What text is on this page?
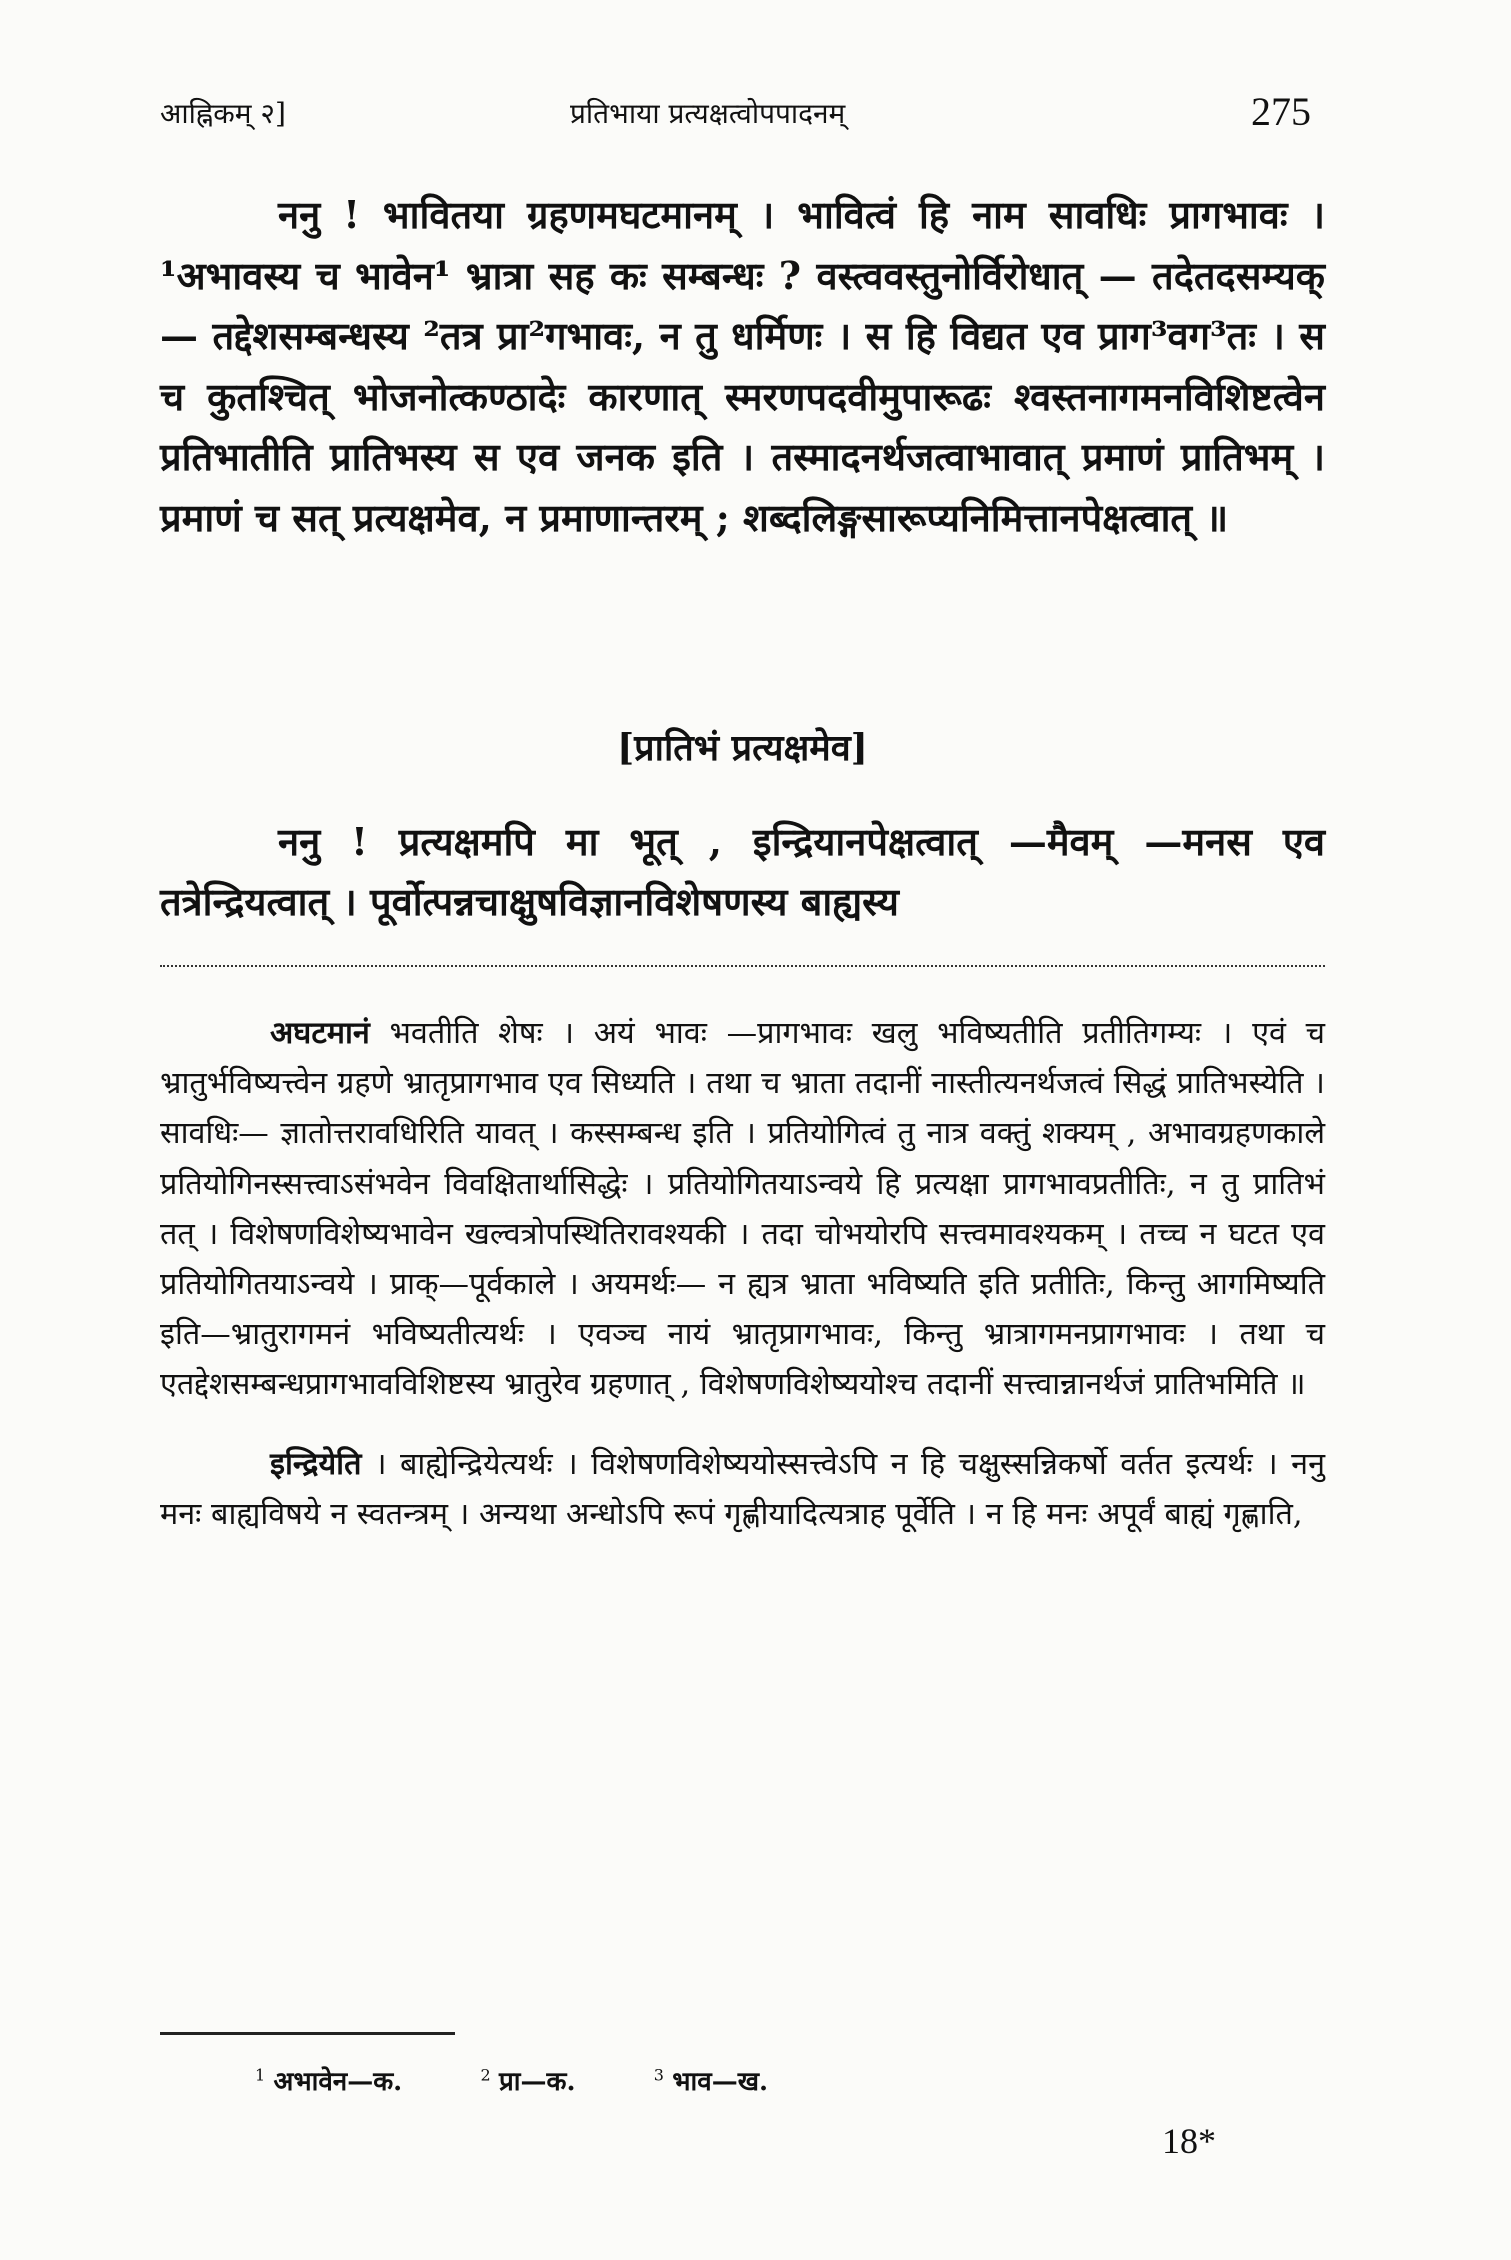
आह्निकम् २]	प्रतिभाया प्रत्यक्षत्वोपपादनम्	275

ननु ! भावितया ग्रहणमघटमानम् । भावित्वं हि नाम सावधिः प्रागभावः । ¹अभावस्य च भावेन¹ भ्रात्रा सह कः सम्बन्धः ? वस्त्ववस्तुनोर्विरोधात् — तदेतदसम्यक् — तद्देशसम्बन्धस्य ²तत्र प्रा²गभावः, न तु धर्मिणः । स हि विद्यत एव प्राग³वग³तः । स च कुतश्चित् भोजनोत्कण्ठादेः कारणात् स्मरणपदवीमुपारूढः श्वस्तनागमनविशिष्टत्वेन प्रतिभातीति प्रातिभस्य स एव जनक इति । तस्मादनर्थजत्वाभावात् प्रमाणं प्रातिभम् । प्रमाणं च सत् प्रत्यक्षमेव, न प्रमाणान्तरम् ; शब्दलिङ्गसारूप्यनिमित्तानपेक्षत्वात् ॥

[प्रातिभं प्रत्यक्षमेव]

ननु ! प्रत्यक्षमपि मा भूत् , इन्द्रियानपेक्षत्वात् —मैवम् —मनस एव तत्रेन्द्रियत्वात् । पूर्वोत्पन्नचाक्षुषविज्ञानविशेषणस्य बाह्यस्य

अघटमानं भवतीति शेषः । अयं भावः —प्रागभावः खलु भविष्यतीति प्रतीतिगम्यः । एवं च भ्रातुर्भविष्यत्त्वेन ग्रहणे भ्रातृप्रागभाव एव सिध्यति । तथा च भ्राता तदानीं नास्तीत्यनर्थजत्वं सिद्धं प्रातिभस्येति । सावधिः— ज्ञातोत्तरावधिरिति यावत् । कस्सम्बन्ध इति । प्रतियोगित्वं तु नात्र वक्तुं शक्यम् , अभावग्रहणकाले प्रतियोगिनस्सत्त्वाऽसंभवेन विवक्षितार्थासिद्धेः । प्रतियोगितयाऽन्वये हि प्रत्यक्षा प्रागभावप्रतीतिः, न तु प्रातिभं तत् । विशेषणविशेष्यभावेन खल्वत्रोपस्थितिरावश्यकी । तदा चोभयोरपि सत्त्वमावश्यकम् । तच्च न घटत एव प्रतियोगितयाऽन्वये । प्राक्—पूर्वकाले । अयमर्थः— न ह्यत्र भ्राता भविष्यति इति प्रतीतिः, किन्तु आगमिष्यति इति—भ्रातुरागमनं भविष्यतीत्यर्थः । एवञ्च नायं भ्रातृप्रागभावः, किन्तु भ्रात्रागमनप्रागभावः । तथा च एतद्देशसम्बन्धप्रागभावविशिष्टस्य भ्रातुरेव ग्रहणात् , विशेषणविशेष्ययोश्च तदानीं सत्त्वान्नानर्थजं प्रातिभमिति ॥

इन्द्रियेति । बाह्येन्द्रियेत्यर्थः । विशेषणविशेष्ययोस्सत्त्वेऽपि न हि चक्षुस्सन्निकर्षो वर्तत इत्यर्थः । ननु मनः बाह्यविषये न स्वतन्त्रम् । अन्यथा अन्धोऽपि रूपं गृह्णीयादित्यत्राह पूर्वेति । न हि मनः अपूर्वं बाह्यं गृह्णाति,

$^1$ अभावेन—क.	$^2$ प्रा—क.	$^3$ भाव—ख.
18*
